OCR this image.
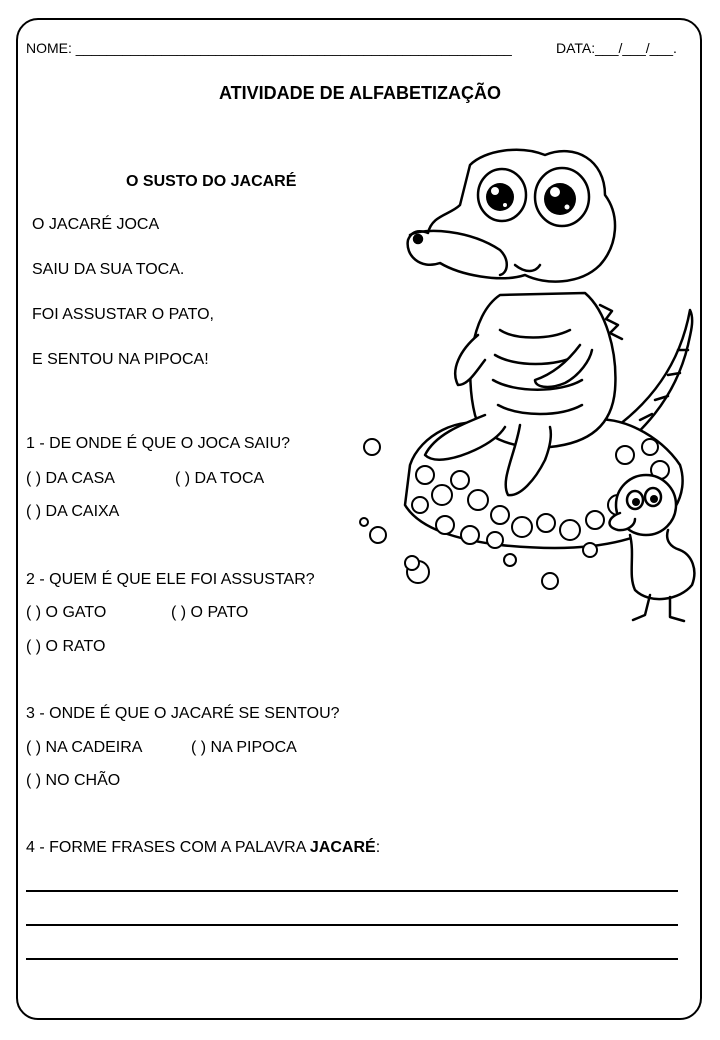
NOME: ________________________________________________________	DATA:___/___/___.
ATIVIDADE DE ALFABETIZAÇÃO
O SUSTO DO JACARÉ
O JACARÉ JOCA
SAIU DA SUA TOCA.
FOI ASSUSTAR O PATO,
E SENTOU NA PIPOCA!
1 - DE ONDE É QUE O JOCA SAIU?
( ) DA CASA	( ) DA TOCA
( ) DA CAIXA
2 - QUEM É QUE ELE FOI ASSUSTAR?
( ) O GATO	( ) O PATO
( ) O RATO
3 - ONDE É QUE O JACARÉ SE SENTOU?
( ) NA CADEIRA	( ) NA PIPOCA
( ) NO CHÃO
4 - FORME FRASES COM A PALAVRA JACARÉ:
